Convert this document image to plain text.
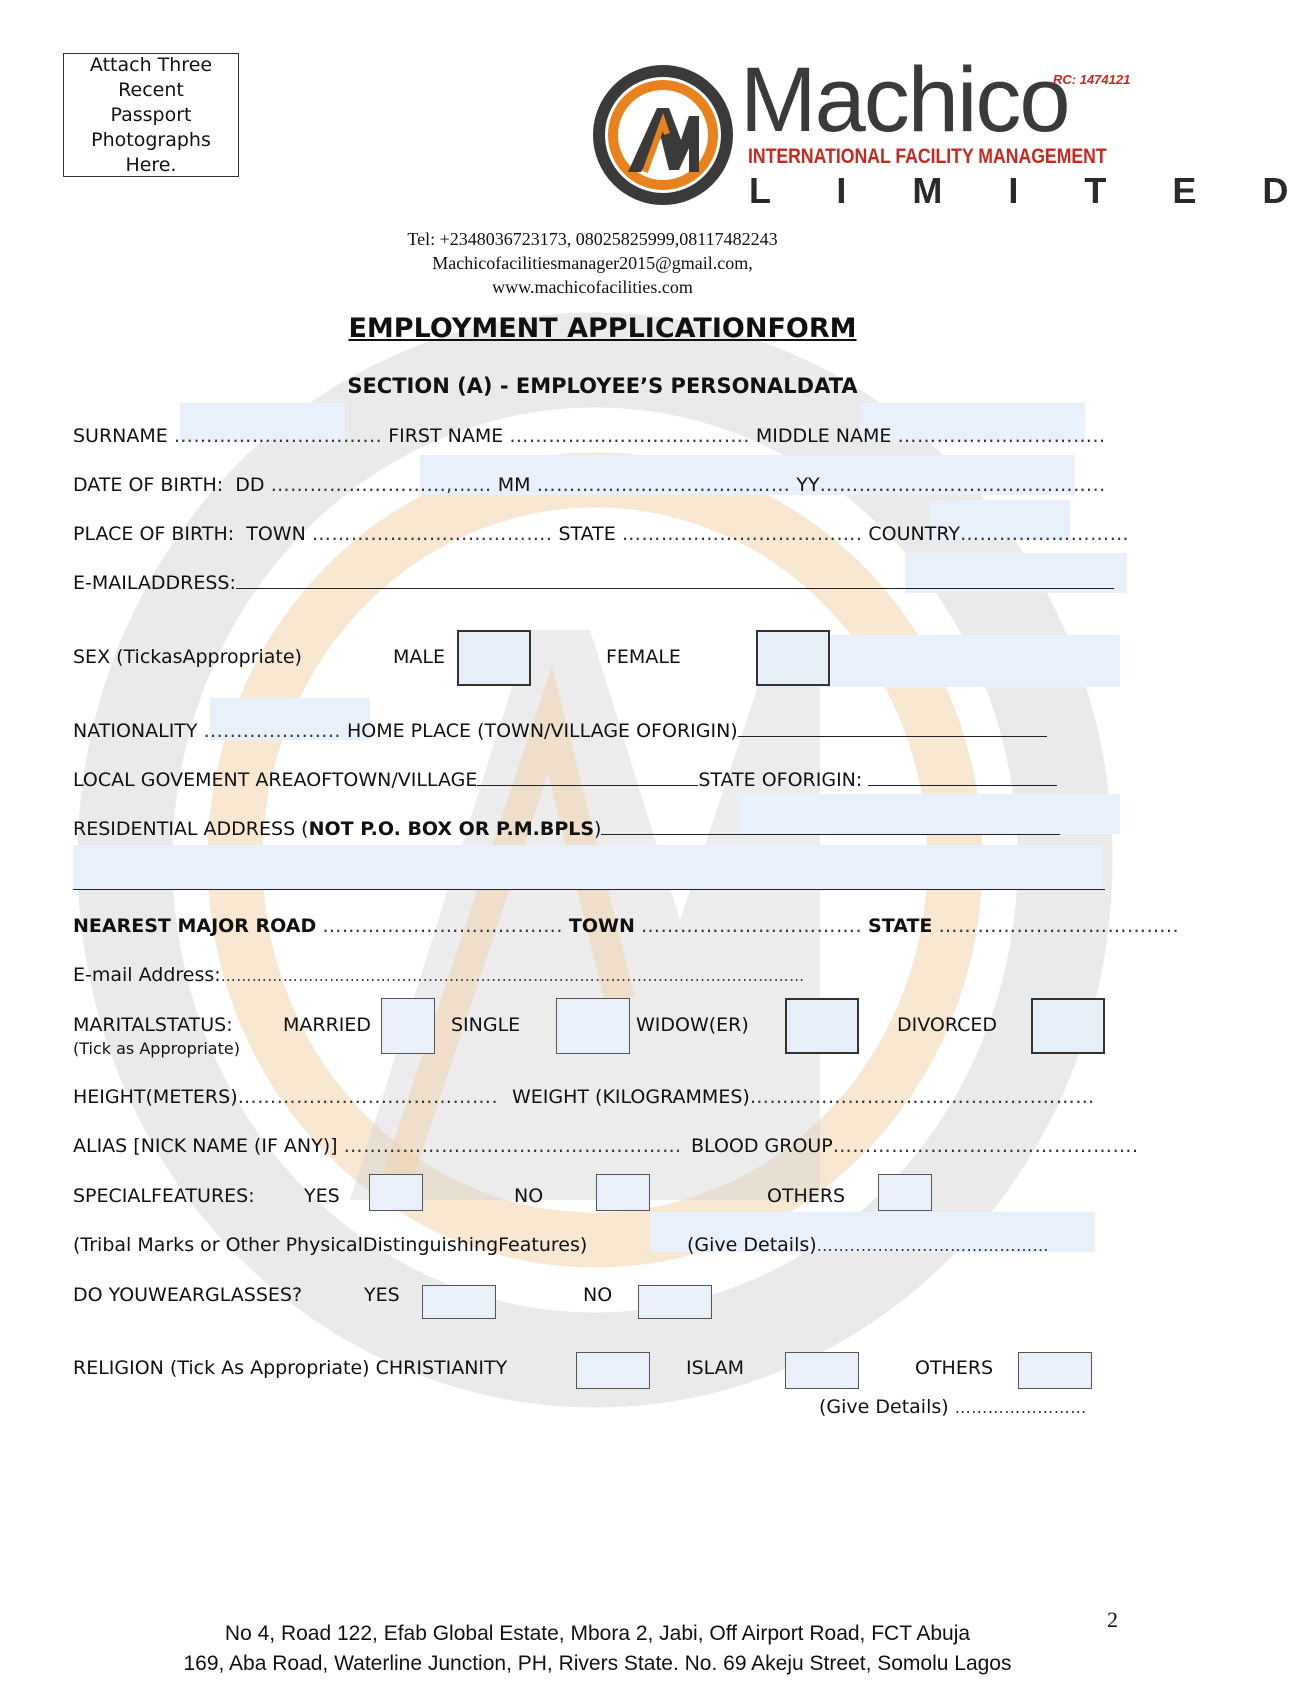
Attach Three Recent Passport Photographs Here.
Machico
RC: 1474121
INTERNATIONAL FACILITY MANAGEMENT
L I M I T E D
Tel: +2348036723173, 08025825999,08117482243
Machicofacilitiesmanager2015@gmail.com,
www.machicofacilities.com
EMPLOYMENT APPLICATIONFORM
SECTION (A) - EMPLOYEE’S PERSONALDATA
SURNAME ……………….....……... FIRST NAME ………………………………. MIDDLE NAME …………………………..
DATE OF BIRTH: DD ……………………...,…… MM ………………......…………… YY……………………………………..
PLACE OF BIRTH: TOWN ………………………………. STATE ………………………………. COUNTRY……….....…………
E-MAILADDRESS:
SEX (TickasAppropriate)	MALE	FEMALE
NATIONALITY ..................... HOME PLACE (TOWN/VILLAGE OFORIGIN)
LOCAL GOVEMENT AREAOFTOWN/VILLAGE	STATE OFORIGIN:
RESIDENTIAL ADDRESS (NOT P.O. BOX OR P.M.BPLS)
NEAREST MAJOR ROAD ………………………………. TOWN ……………………………. STATE ……………..………………..
E-mail Address:……………………………........................………………............................………
MARITALSTATUS:
(Tick as Appropriate)
MARRIED	SINGLE	WIDOW(ER)	DIVORCED
HEIGHT(METERS)…………….........……………. WEIGHT (KILOGRAMMES)……………………………...........………
ALIAS [NICK NAME (IF ANY)] ……………………….…………………… BLOOD GROUP……………………....……………….
SPECIALFEATURES:	YES	NO	OTHERS
(Tribal Marks or Other PhysicalDistinguishingFeatures)	(Give Details)……...............…………………
DO YOUWEARGLASSES?	YES	NO
RELIGION (Tick As Appropriate) CHRISTIANITY	ISLAM	OTHERS
(Give Details) ……………………
2
No 4, Road 122, Efab Global Estate, Mbora 2, Jabi, Off Airport Road, FCT Abuja
169, Aba Road, Waterline Junction, PH, Rivers State. No. 69 Akeju Street, Somolu Lagos
